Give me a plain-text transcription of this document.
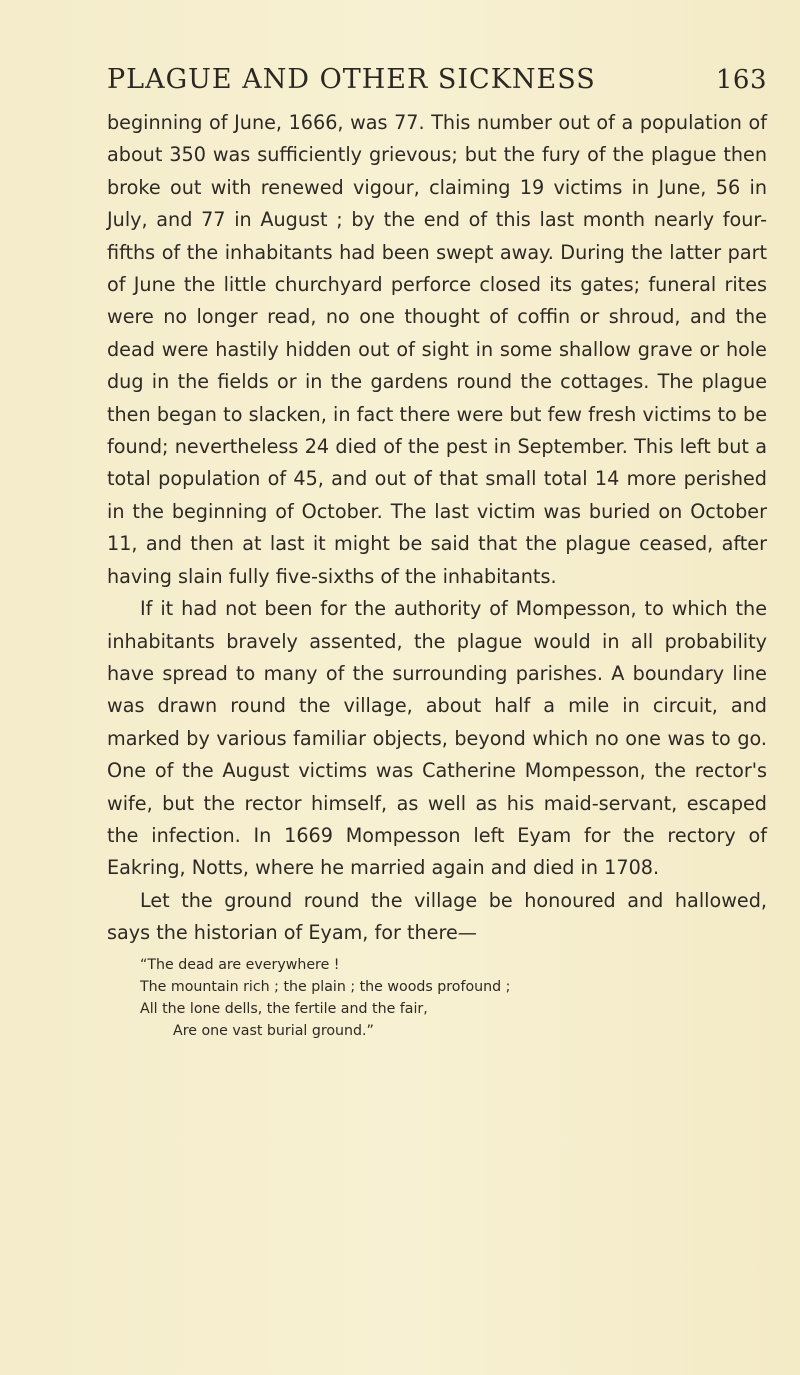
PLAGUE AND OTHER SICKNESS	163

beginning of June, 1666, was 77. This number out of a population of about 350 was sufficiently grievous; but the fury of the plague then broke out with renewed vigour, claiming 19 victims in June, 56 in July, and 77 in August ; by the end of this last month nearly four-fifths of the inhabitants had been swept away. During the latter part of June the little churchyard perforce closed its gates; funeral rites were no longer read, no one thought of coffin or shroud, and the dead were hastily hidden out of sight in some shallow grave or hole dug in the fields or in the gardens round the cottages. The plague then began to slacken, in fact there were but few fresh victims to be found; nevertheless 24 died of the pest in September. This left but a total population of 45, and out of that small total 14 more perished in the beginning of October. The last victim was buried on October 11, and then at last it might be said that the plague ceased, after having slain fully five-sixths of the inhabitants.

If it had not been for the authority of Mompesson, to which the inhabitants bravely assented, the plague would in all probability have spread to many of the surrounding parishes. A boundary line was drawn round the village, about half a mile in circuit, and marked by various familiar objects, beyond which no one was to go. One of the August victims was Catherine Mompesson, the rector's wife, but the rector himself, as well as his maid-servant, escaped the infection. In 1669 Mompesson left Eyam for the rectory of Eakring, Notts, where he married again and died in 1708.

Let the ground round the village be honoured and hallowed, says the historian of Eyam, for there—

“The dead are everywhere !
The mountain rich ; the plain ; the woods profound ;
All the lone dells, the fertile and the fair,
Are one vast burial ground.”
